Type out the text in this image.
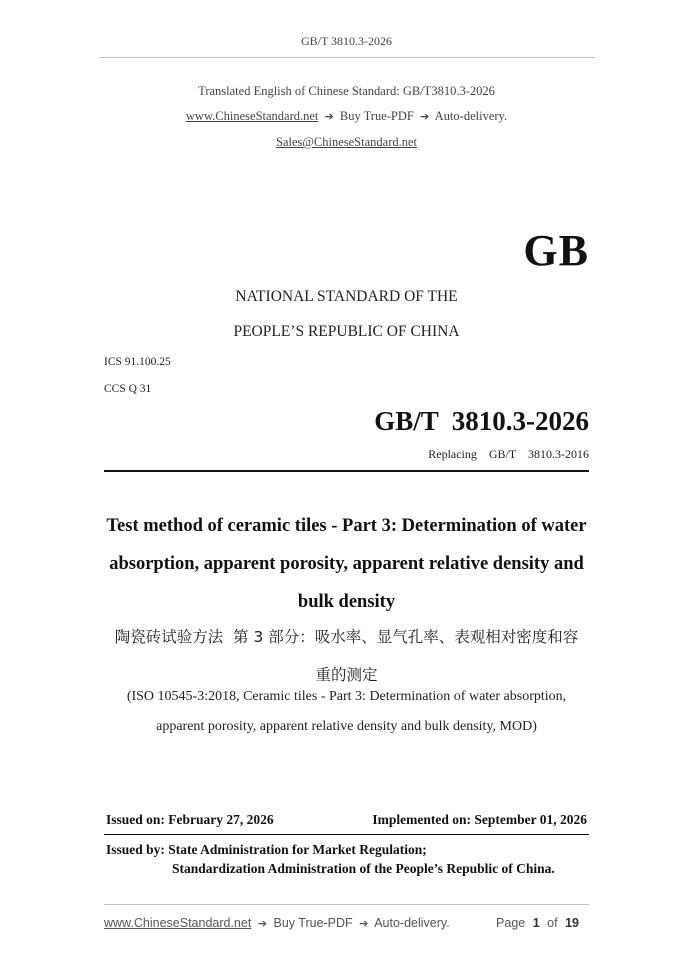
GB/T 3810.3-2026
Translated English of Chinese Standard: GB/T3810.3-2026
www.ChineseStandard.net ➔ Buy True-PDF ➔ Auto-delivery.
Sales@ChineseStandard.net
GB
NATIONAL STANDARD OF THE
PEOPLE’S REPUBLIC OF CHINA
ICS 91.100.25
CCS Q 31
GB/T  3810.3-2026
Replacing  GB/T  3810.3-2016
Test method of ceramic tiles - Part 3: Determination of water
absorption, apparent porosity, apparent relative density and
bulk density
陶瓷砖试验方法  第 3 部分：吸水率、显气孔率、表观相对密度和容
重的测定
(ISO 10545-3:2018, Ceramic tiles - Part 3: Determination of water absorption,
apparent porosity, apparent relative density and bulk density, MOD)
Issued on: February 27, 2026	Implemented on: September 01, 2026
Issued by: State Administration for Market Regulation;
Standardization Administration of the People’s Republic of China.
www.ChineseStandard.net ➔ Buy True-PDF ➔ Auto-delivery.	Page 1 of 19
